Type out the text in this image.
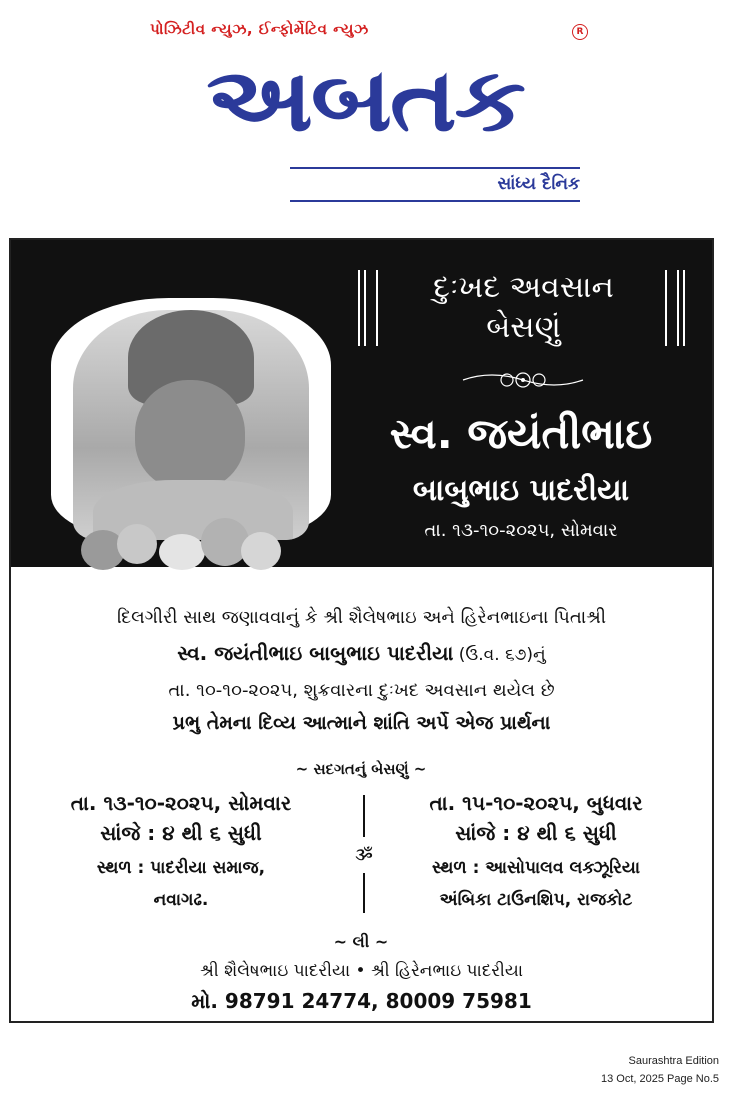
પોઝિટીવ ન્યુઝ, ઈન્ફોર્મેટિવ ન્યુઝ	R
અબતક
સાંધ્ય દૈનિક
દુઃખદ અવસાન
બેસણું
સ્વ. જયંતીભાઇ
બાબુભાઇ પાદરીયા
તા. ૧૩-૧૦-૨૦૨૫, સોમવાર
દિલગીરી સાથ જણાવવાનું કે શ્રી શૈલેષભાઇ અને હિરેનભાઇના પિતાશ્રી
સ્વ. જયંતીભાઇ બાબુભાઇ પાદરીયા (ઉ.વ. ૬૭)નું
તા. ૧૦-૧૦-૨૦૨૫, શુક્રવારના દુઃખદ અવસાન થયેલ છે
પ્રભુ તેમના દિવ્ય આત્માને શાંતિ અર્પે એજ પ્રાર્થના
~ સદગતનું બેસણું ~
તા. ૧૩-૧૦-૨૦૨૫, સોમવાર
સાંજે : ૪ થી ૬ સુધી
સ્થળ : પાદરીયા સમાજ,
નવાગઢ.
ૐ
તા. ૧૫-૧૦-૨૦૨૫, બુધવાર
સાંજે : ૪ થી ૬ સુધી
સ્થળ : આસોપાલવ લક્ઝૂરિયા
અંબિકા ટાઉનશિપ, રાજકોટ
~ લી ~
શ્રી શૈલેષભાઇ પાદરીયા • શ્રી હિરેનભાઇ પાદરીયા
મો. 98791 24774, 80009 75981
Saurashtra Edition
13 Oct, 2025 Page No.5
